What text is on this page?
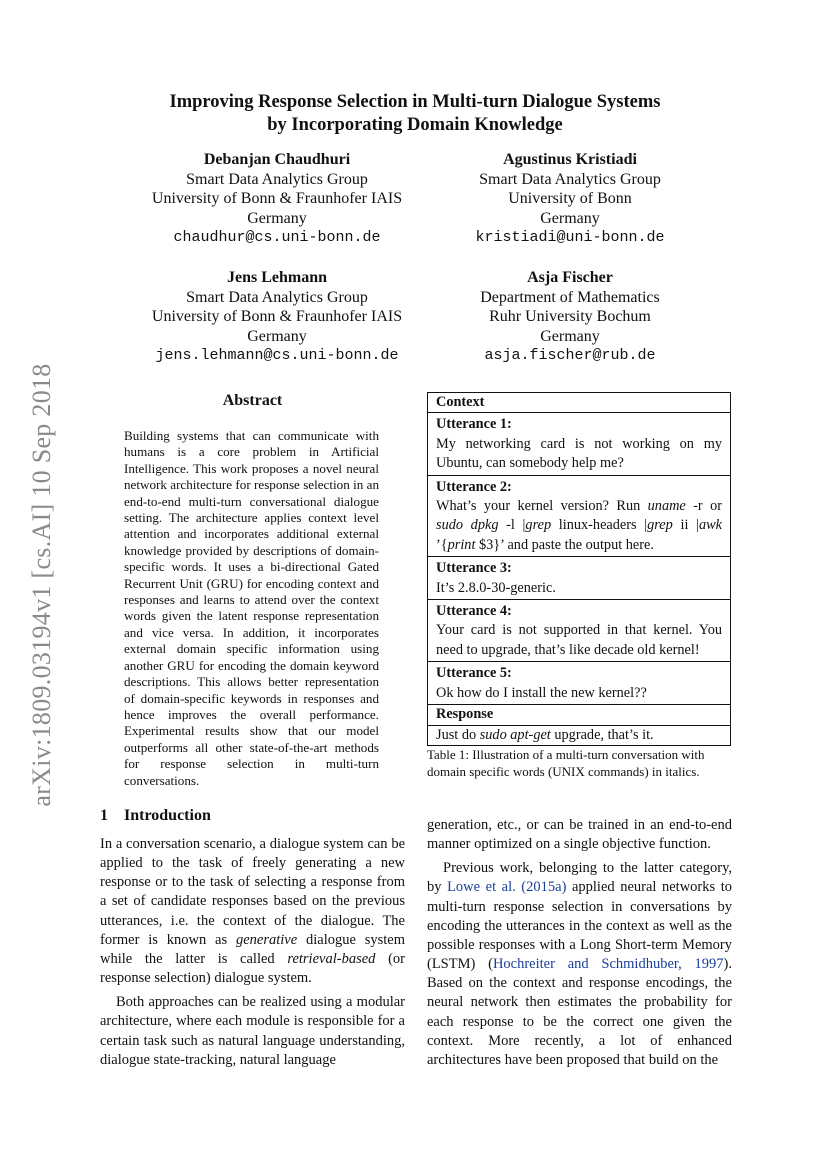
arXiv:1809.03194v1 [cs.AI] 10 Sep 2018
Improving Response Selection in Multi-turn Dialogue Systems
by Incorporating Domain Knowledge
Debanjan Chaudhuri
Smart Data Analytics Group
University of Bonn & Fraunhofer IAIS
Germany
chaudhur@cs.uni-bonn.de
Agustinus Kristiadi
Smart Data Analytics Group
University of Bonn
Germany
kristiadi@uni-bonn.de
Jens Lehmann
Smart Data Analytics Group
University of Bonn & Fraunhofer IAIS
Germany
jens.lehmann@cs.uni-bonn.de
Asja Fischer
Department of Mathematics
Ruhr University Bochum
Germany
asja.fischer@rub.de
Abstract
Building systems that can communicate with humans is a core problem in Artificial Intelligence. This work proposes a novel neural network architecture for response selection in an end-to-end multi-turn conversational dialogue setting. The architecture applies context level attention and incorporates additional external knowledge provided by descriptions of domain-specific words. It uses a bi-directional Gated Recurrent Unit (GRU) for encoding context and responses and learns to attend over the context words given the latent response representation and vice versa. In addition, it incorporates external domain specific information using another GRU for encoding the domain keyword descriptions. This allows better representation of domain-specific keywords in responses and hence improves the overall performance. Experimental results show that our model outperforms all other state-of-the-art methods for response selection in multi-turn conversations.
Context
Utterance 1:
My networking card is not working on my Ubuntu, can somebody help me?
Utterance 2:
What’s your kernel version? Run uname -r or sudo dpkg -l |grep linux-headers |grep ii |awk ’{print $3}’ and paste the output here.
Utterance 3:
It’s 2.8.0-30-generic.
Utterance 4:
Your card is not supported in that kernel. You need to upgrade, that’s like decade old kernel!
Utterance 5:
Ok how do I install the new kernel??
Response
Just do sudo apt-get upgrade, that’s it.
Table 1: Illustration of a multi-turn conversation with domain specific words (UNIX commands) in italics.
1 Introduction

In a conversation scenario, a dialogue system can be applied to the task of freely generating a new response or to the task of selecting a response from a set of candidate responses based on the previous utterances, i.e. the context of the dialogue. The former is known as generative dialogue system while the latter is called retrieval-based (or response selection) dialogue system.

Both approaches can be realized using a modular architecture, where each module is responsible for a certain task such as natural language understanding, dialogue state-tracking, natural language

generation, etc., or can be trained in an end-to-end manner optimized on a single objective function.

Previous work, belonging to the latter category, by Lowe et al. (2015a) applied neural networks to multi-turn response selection in conversations by encoding the utterances in the context as well as the possible responses with a Long Short-term Memory (LSTM) (Hochreiter and Schmidhuber, 1997). Based on the context and response encodings, the neural network then estimates the probability for each response to be the correct one given the context. More recently, a lot of enhanced architectures have been proposed that build on the
